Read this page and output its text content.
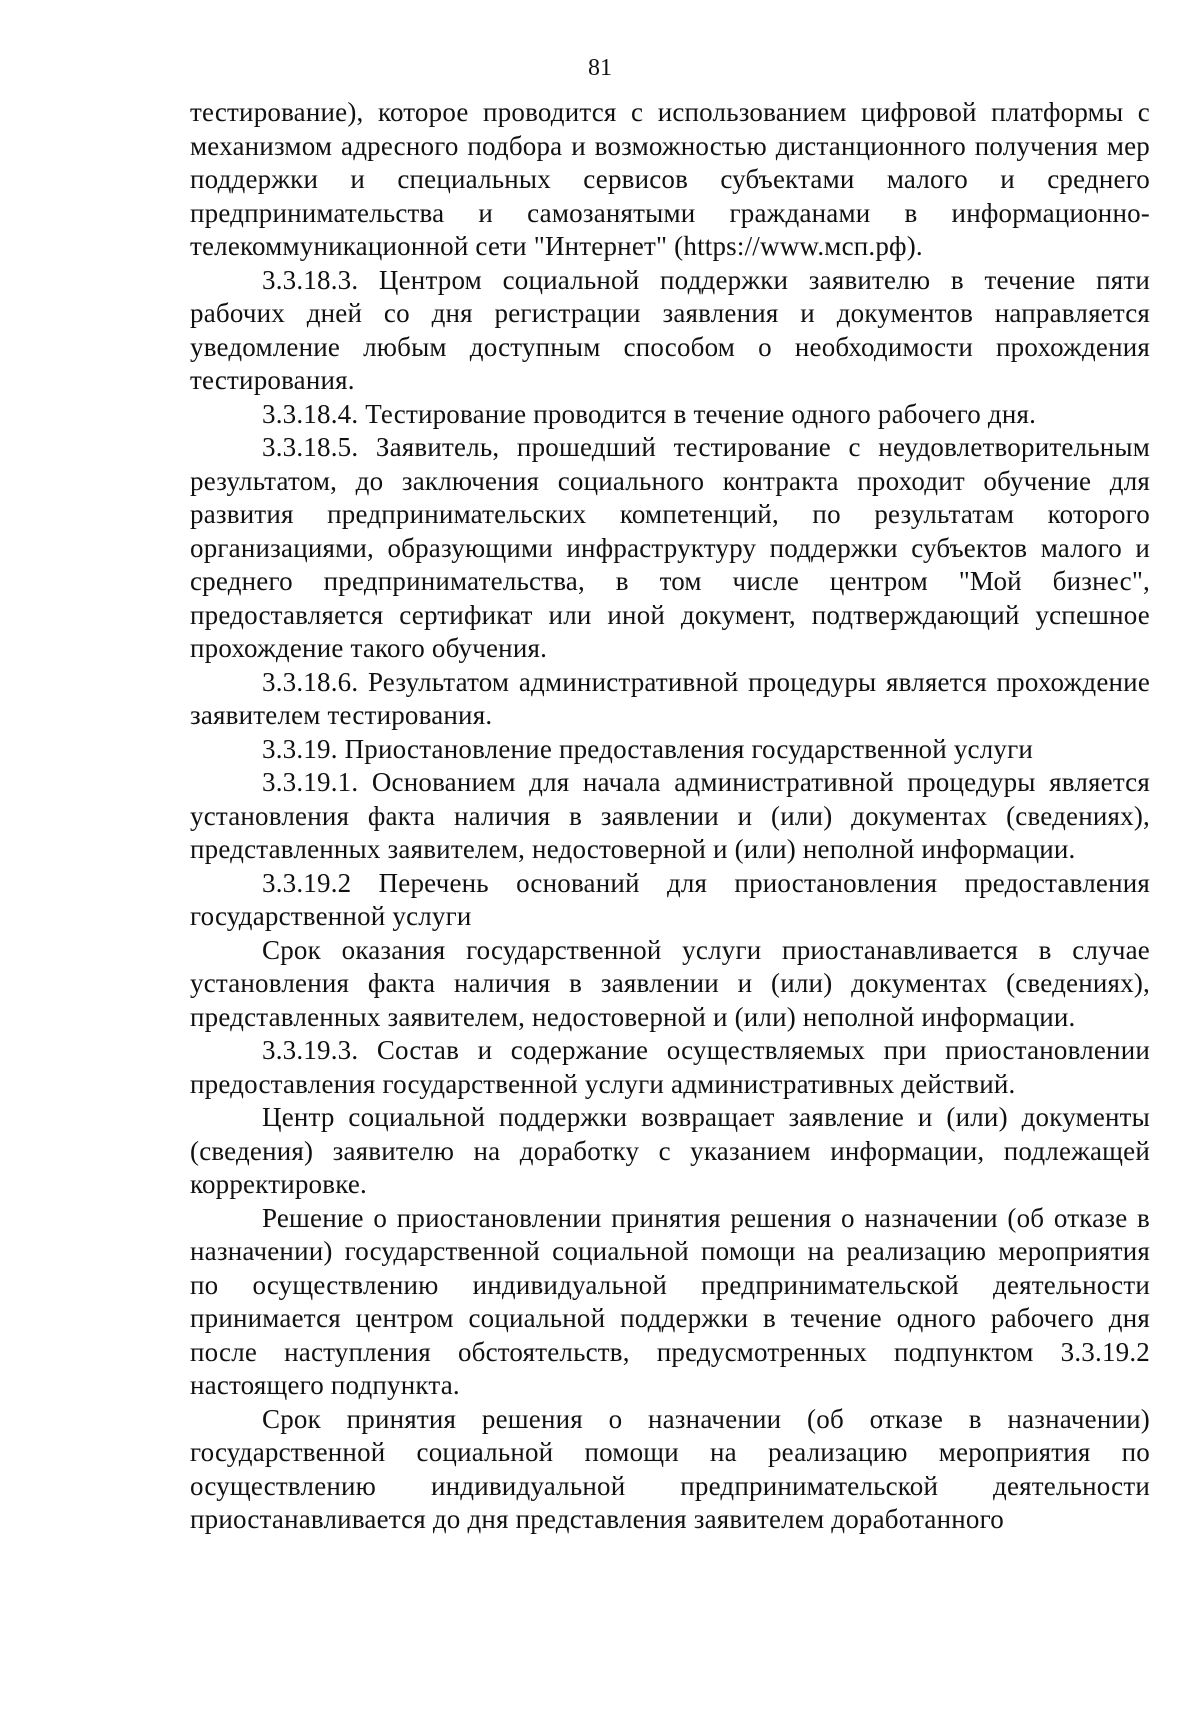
81

тестирование), которое проводится с использованием цифровой платформы с механизмом адресного подбора и возможностью дистанционного получения мер поддержки и специальных сервисов субъектами малого и среднего предпринимательства и самозанятыми гражданами в информационно-телекоммуникационной сети "Интернет" (https://www.мсп.рф).

3.3.18.3. Центром социальной поддержки заявителю в течение пяти рабочих дней со дня регистрации заявления и документов направляется уведомление любым доступным способом о необходимости прохождения тестирования.

3.3.18.4. Тестирование проводится в течение одного рабочего дня.

3.3.18.5. Заявитель, прошедший тестирование с неудовлетворительным результатом, до заключения социального контракта проходит обучение для развития предпринимательских компетенций, по результатам которого организациями, образующими инфраструктуру поддержки субъектов малого и среднего предпринимательства, в том числе центром "Мой бизнес", предоставляется сертификат или иной документ, подтверждающий успешное прохождение такого обучения.

3.3.18.6. Результатом административной процедуры является прохождение заявителем тестирования.

3.3.19. Приостановление предоставления государственной услуги

3.3.19.1. Основанием для начала административной процедуры является установления факта наличия в заявлении и (или) документах (сведениях), представленных заявителем, недостоверной и (или) неполной информации.

3.3.19.2 Перечень оснований для приостановления предоставления государственной услуги

Срок оказания государственной услуги приостанавливается в случае установления факта наличия в заявлении и (или) документах (сведениях), представленных заявителем, недостоверной и (или) неполной информации.

3.3.19.3. Состав и содержание осуществляемых при приостановлении предоставления государственной услуги административных действий.

Центр социальной поддержки возвращает заявление и (или) документы (сведения) заявителю на доработку с указанием информации, подлежащей корректировке.

Решение о приостановлении принятия решения о назначении (об отказе в назначении) государственной социальной помощи на реализацию мероприятия по осуществлению индивидуальной предпринимательской деятельности принимается центром социальной поддержки в течение одного рабочего дня после наступления обстоятельств, предусмотренных подпунктом 3.3.19.2 настоящего подпункта.

Срок принятия решения о назначении (об отказе в назначении) государственной социальной помощи на реализацию мероприятия по осуществлению индивидуальной предпринимательской деятельности приостанавливается до дня представления заявителем доработанного
